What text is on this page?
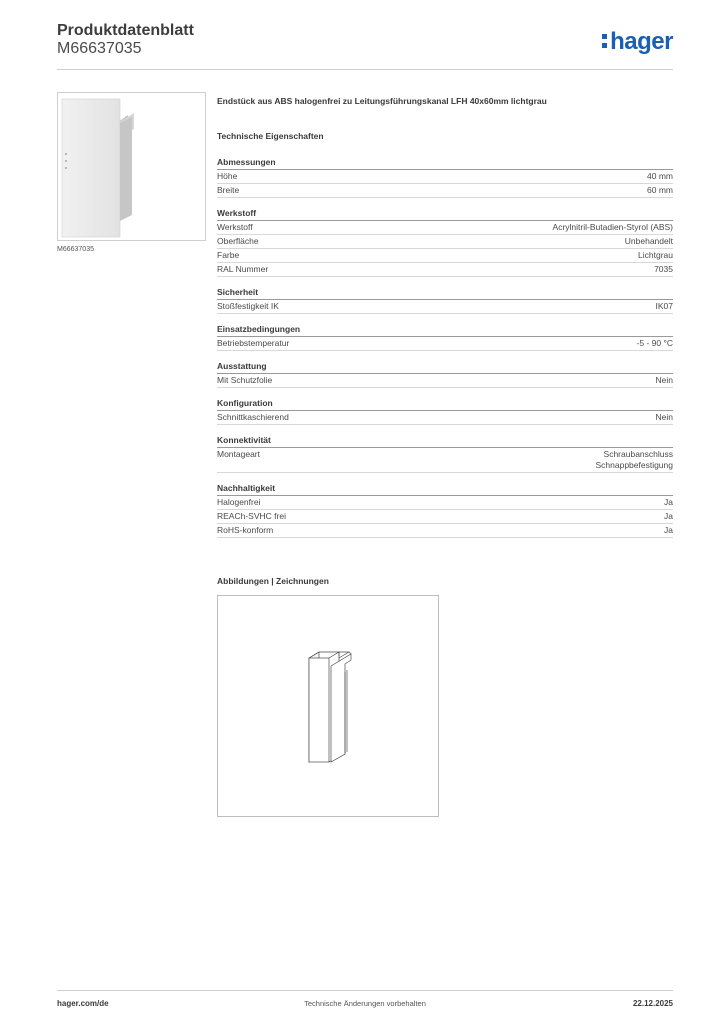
Produktdatenblatt
M66637035	hager
M66637035
Endstück aus ABS halogenfrei zu Leitungsführungskanal LFH 40x60mm lichtgrau
Technische Eigenschaften
Abmessungen
Höhe	40 mm
Breite	60 mm
Werkstoff
Werkstoff	Acrylnitril-Butadien-Styrol (ABS)
Oberfläche	Unbehandelt
Farbe	Lichtgrau
RAL Nummer	7035
Sicherheit
Stoßfestigkeit IK	IK07
Einsatzbedingungen
Betriebstemperatur	-5 - 90 °C
Ausstattung
Mit Schutzfolie	Nein
Konfiguration
Schnittkaschierend	Nein
Konnektivität
Montageart	Schraubanschluss
Schnappbefestigung
Nachhaltigkeit
Halogenfrei	Ja
REACh-SVHC frei	Ja
RoHS-konform	Ja
Abbildungen | Zeichnungen
hager.com/de	Technische Änderungen vorbehalten	22.12.2025
